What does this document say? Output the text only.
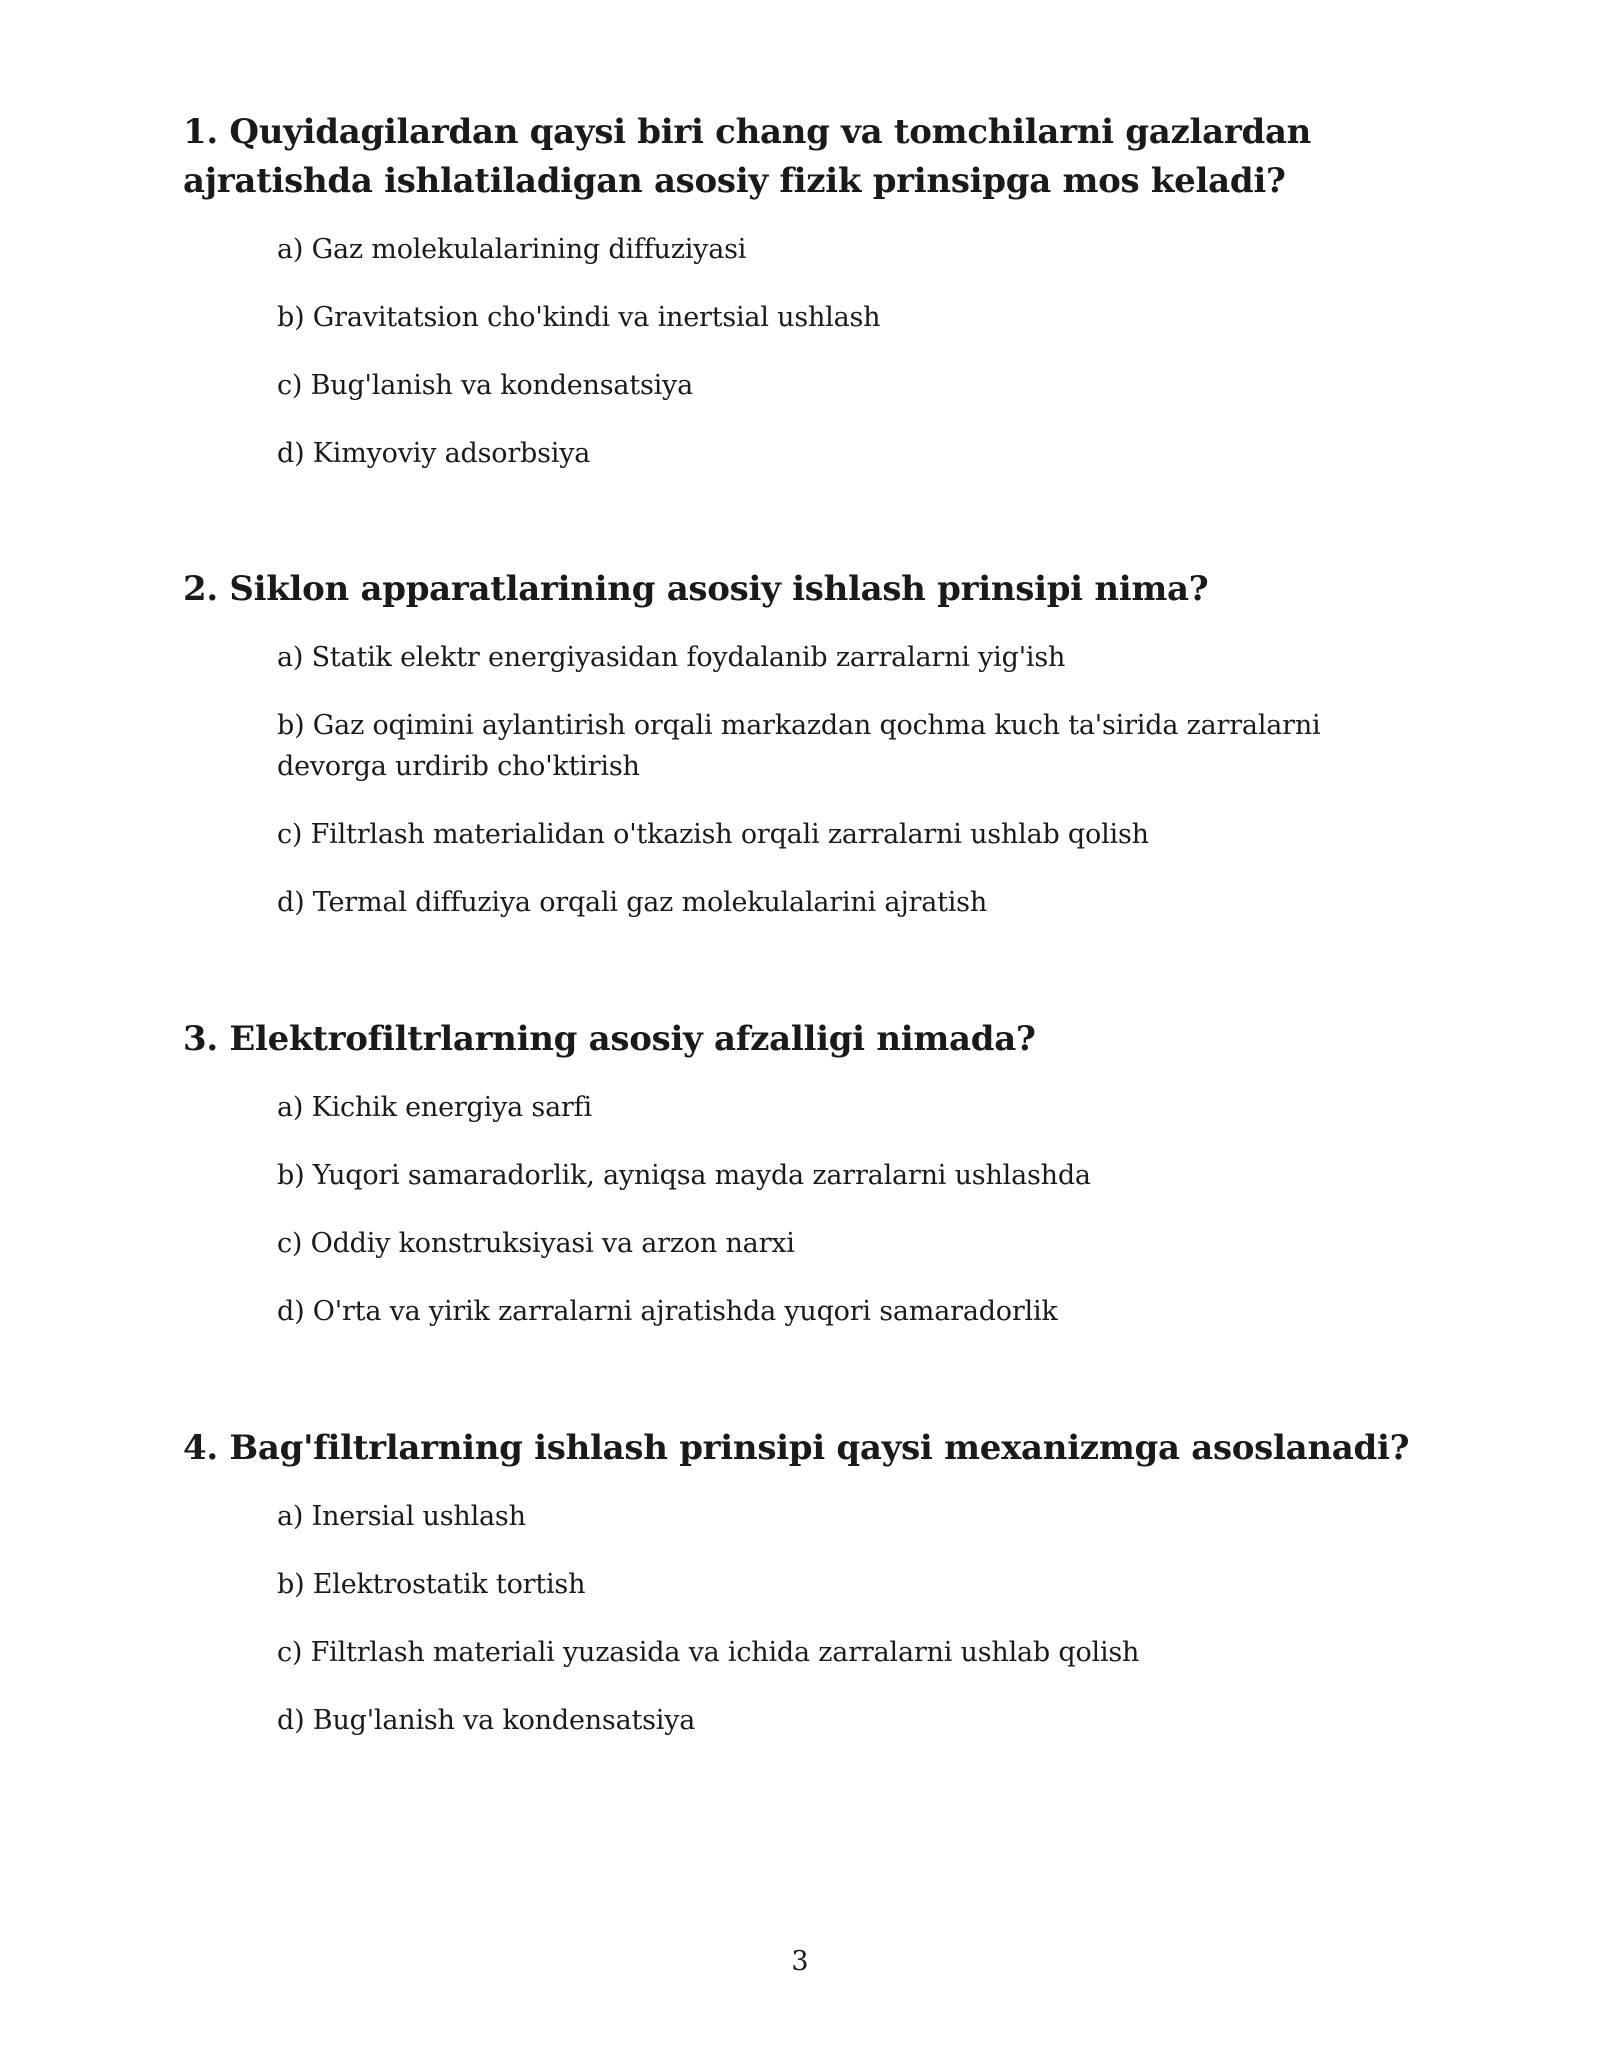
1. Quyidagilardan qaysi biri chang va tomchilarni gazlardan ajratishda ishlatiladigan asosiy fizik prinsipga mos keladi?
a) Gaz molekulalarining diffuziyasi
b) Gravitatsion cho'kindi va inertsial ushlash
c) Bug'lanish va kondensatsiya
d) Kimyoviy adsorbsiya
2. Siklon apparatlarining asosiy ishlash prinsipi nima?
a) Statik elektr energiyasidan foydalanib zarralarni yig'ish
b) Gaz oqimini aylantirish orqali markazdan qochma kuch ta'sirida zarralarni devorga urdirib cho'ktirish
c) Filtrlash materialidan o'tkazish orqali zarralarni ushlab qolish
d) Termal diffuziya orqali gaz molekulalarini ajratish
3. Elektrofiltrlarning asosiy afzalligi nimada?
a) Kichik energiya sarfi
b) Yuqori samaradorlik, ayniqsa mayda zarralarni ushlashda
c) Oddiy konstruksiyasi va arzon narxi
d) O'rta va yirik zarralarni ajratishda yuqori samaradorlik
4. Bag'filtrlarning ishlash prinsipi qaysi mexanizmga asoslanadi?
a) Inersial ushlash
b) Elektrostatik tortish
c) Filtrlash materiali yuzasida va ichida zarralarni ushlab qolish
d) Bug'lanish va kondensatsiya
3
